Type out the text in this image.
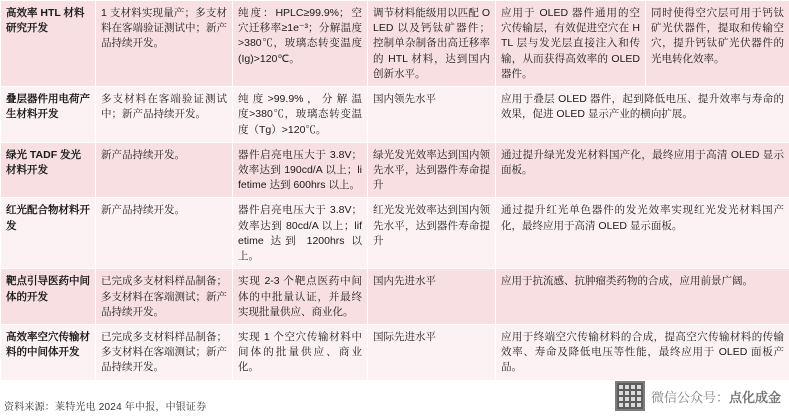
高效率 HTL 材料研究开发	1 支材料实现量产；多支材料在客端验证测试中；新产品持续开发。	纯度：HPLC≥99.9%；空穴迁移率≥1e⁻³；分解温度>380℃，玻璃态转变温度(Ig)>120℃。	调节材料能级用以匹配 OLED 以及钙钛矿器件；控制单杂制备出高迁移率的 HTL 材料，达到国内创新水平。	应用于 OLED 器件通用的空穴传输层，有效促进空穴在 HTL 层与发光层直接注入和传输，从而获得高效率的 OLED 器件。	同时使得空穴层可用于钙钛矿光伏器件，提取和传输空穴，提升钙钛矿光伏器件的光电转化效率。
叠层器件用电荷产生材料开发	多支材料在客端验证测试中；新产品持续开发。	纯 度 >99.9% ， 分 解 温度>380℃，玻璃态转变温度（Tg）>120℃。	国内领先水平	应用于叠层 OLED 器件，起到降低电压、提升效率与寿命的效果，促进 OLED 显示产业的横向扩展。	
绿光 TADF 发光材料开发	新产品持续开发。	器件启亮电压大于 3.8V；效率达到 190cd/A 以上；lifetime 达到 600hrs 以上。	绿光发光效率达到国内领先水平，达到器件寿命提升	通过提升绿光发光材料国产化，最终应用于高清 OLED 显示面板。	
红光配合物材料开发	新产品持续开发。	器件启亮电压大于 3.8V；效率达到 80cd/A 以上；lifetime 达到 1200hrs 以上。	红光发光效率达到国内领先水平，达到器件寿命提升	通过提升红光单色器件的发光效率实现红光发光材料国产化，最终应用于高清 OLED 显示面板。	
靶点引导医药中间体的开发	已完成多支材料样品制备；多支材料在客端测试；新产品持续开发。	实现 2-3 个靶点医药中间体的中批量认证，并最终实现批量供应、商业化。	国内先进水平	应用于抗流感、抗肿瘤类药物的合成，应用前景广阔。	
高效率空穴传输材料的中间体开发	已完成多支材料样品制备；多支材料在客端测试；新产品持续开发。	实现 1 个空穴传输材料中间体的批量供应、商业化。	国际先进水平	应用于终端空穴传输材料的合成，提高空穴传输材料的传输效率、寿命及降低电压等性能，最终应用于 OLED 面板产品。	
资料来源：莱特光电 2024 年中报，中银证券
微信公众号：点化成金
